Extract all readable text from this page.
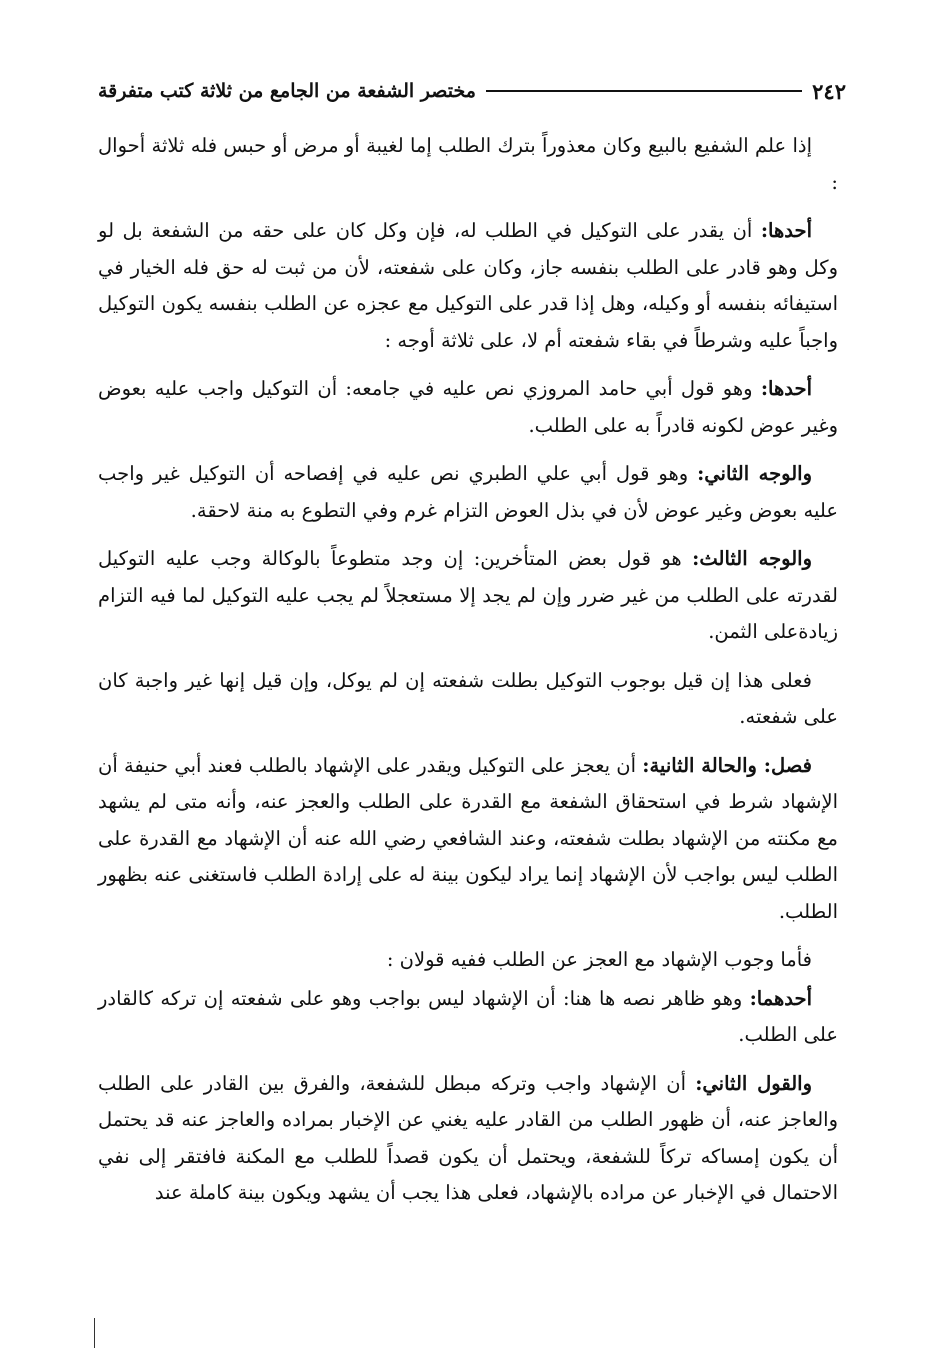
٢٤٢
مختصر الشفعة من الجامع من ثلاثة كتب متفرقة

إذا علم الشفيع بالبيع وكان معذوراً بترك الطلب إما لغيبة أو مرض أو حبس فله ثلاثة أحوال :

أحدها: أن يقدر على التوكيل في الطلب له، فإن وكل كان على حقه من الشفعة بل لو وكل وهو قادر على الطلب بنفسه جاز، وكان على شفعته، لأن من ثبت له حق فله الخيار في استيفائه بنفسه أو وكيله، وهل إذا قدر على التوكيل مع عجزه عن الطلب بنفسه يكون التوكيل واجباً عليه وشرطاً في بقاء شفعته أم لا، على ثلاثة أوجه :

أحدها: وهو قول أبي حامد المروزي نص عليه في جامعه: أن التوكيل واجب عليه بعوض وغير عوض لكونه قادراً به على الطلب.

والوجه الثاني: وهو قول أبي علي الطبري نص عليه في إفصاحه أن التوكيل غير واجب عليه بعوض وغير عوض لأن في بذل العوض التزام غرم وفي التطوع به منة لاحقة.

والوجه الثالث: هو قول بعض المتأخرين: إن وجد متطوعاً بالوكالة وجب عليه التوكيل لقدرته على الطلب من غير ضرر وإن لم يجد إلا مستعجلاً لم يجب عليه التوكيل لما فيه التزام زيادةعلى الثمن.

فعلى هذا إن قيل بوجوب التوكيل بطلت شفعته إن لم يوكل، وإن قيل إنها غير واجبة كان على شفعته.

فصل: والحالة الثانية: أن يعجز على التوكيل ويقدر على الإشهاد بالطلب فعند أبي حنيفة أن الإشهاد شرط في استحقاق الشفعة مع القدرة على الطلب والعجز عنه، وأنه متى لم يشهد مع مكنته من الإشهاد بطلت شفعته، وعند الشافعي رضي الله عنه أن الإشهاد مع القدرة على الطلب ليس بواجب لأن الإشهاد إنما يراد ليكون بينة له على إرادة الطلب فاستغنى عنه بظهور الطلب.

فأما وجوب الإشهاد مع العجز عن الطلب ففيه قولان :

أحدهما: وهو ظاهر نصه ها هنا: أن الإشهاد ليس بواجب وهو على شفعته إن تركه كالقادر على الطلب.

والقول الثاني: أن الإشهاد واجب وتركه مبطل للشفعة، والفرق بين القادر على الطلب والعاجز عنه، أن ظهور الطلب من القادر عليه يغني عن الإخبار بمراده والعاجز عنه قد يحتمل أن يكون إمساكه تركاً للشفعة، ويحتمل أن يكون قصداً للطلب مع المكنة فافتقر إلى نفي الاحتمال في الإخبار عن مراده بالإشهاد، فعلى هذا يجب أن يشهد ويكون بينة كاملة عند
